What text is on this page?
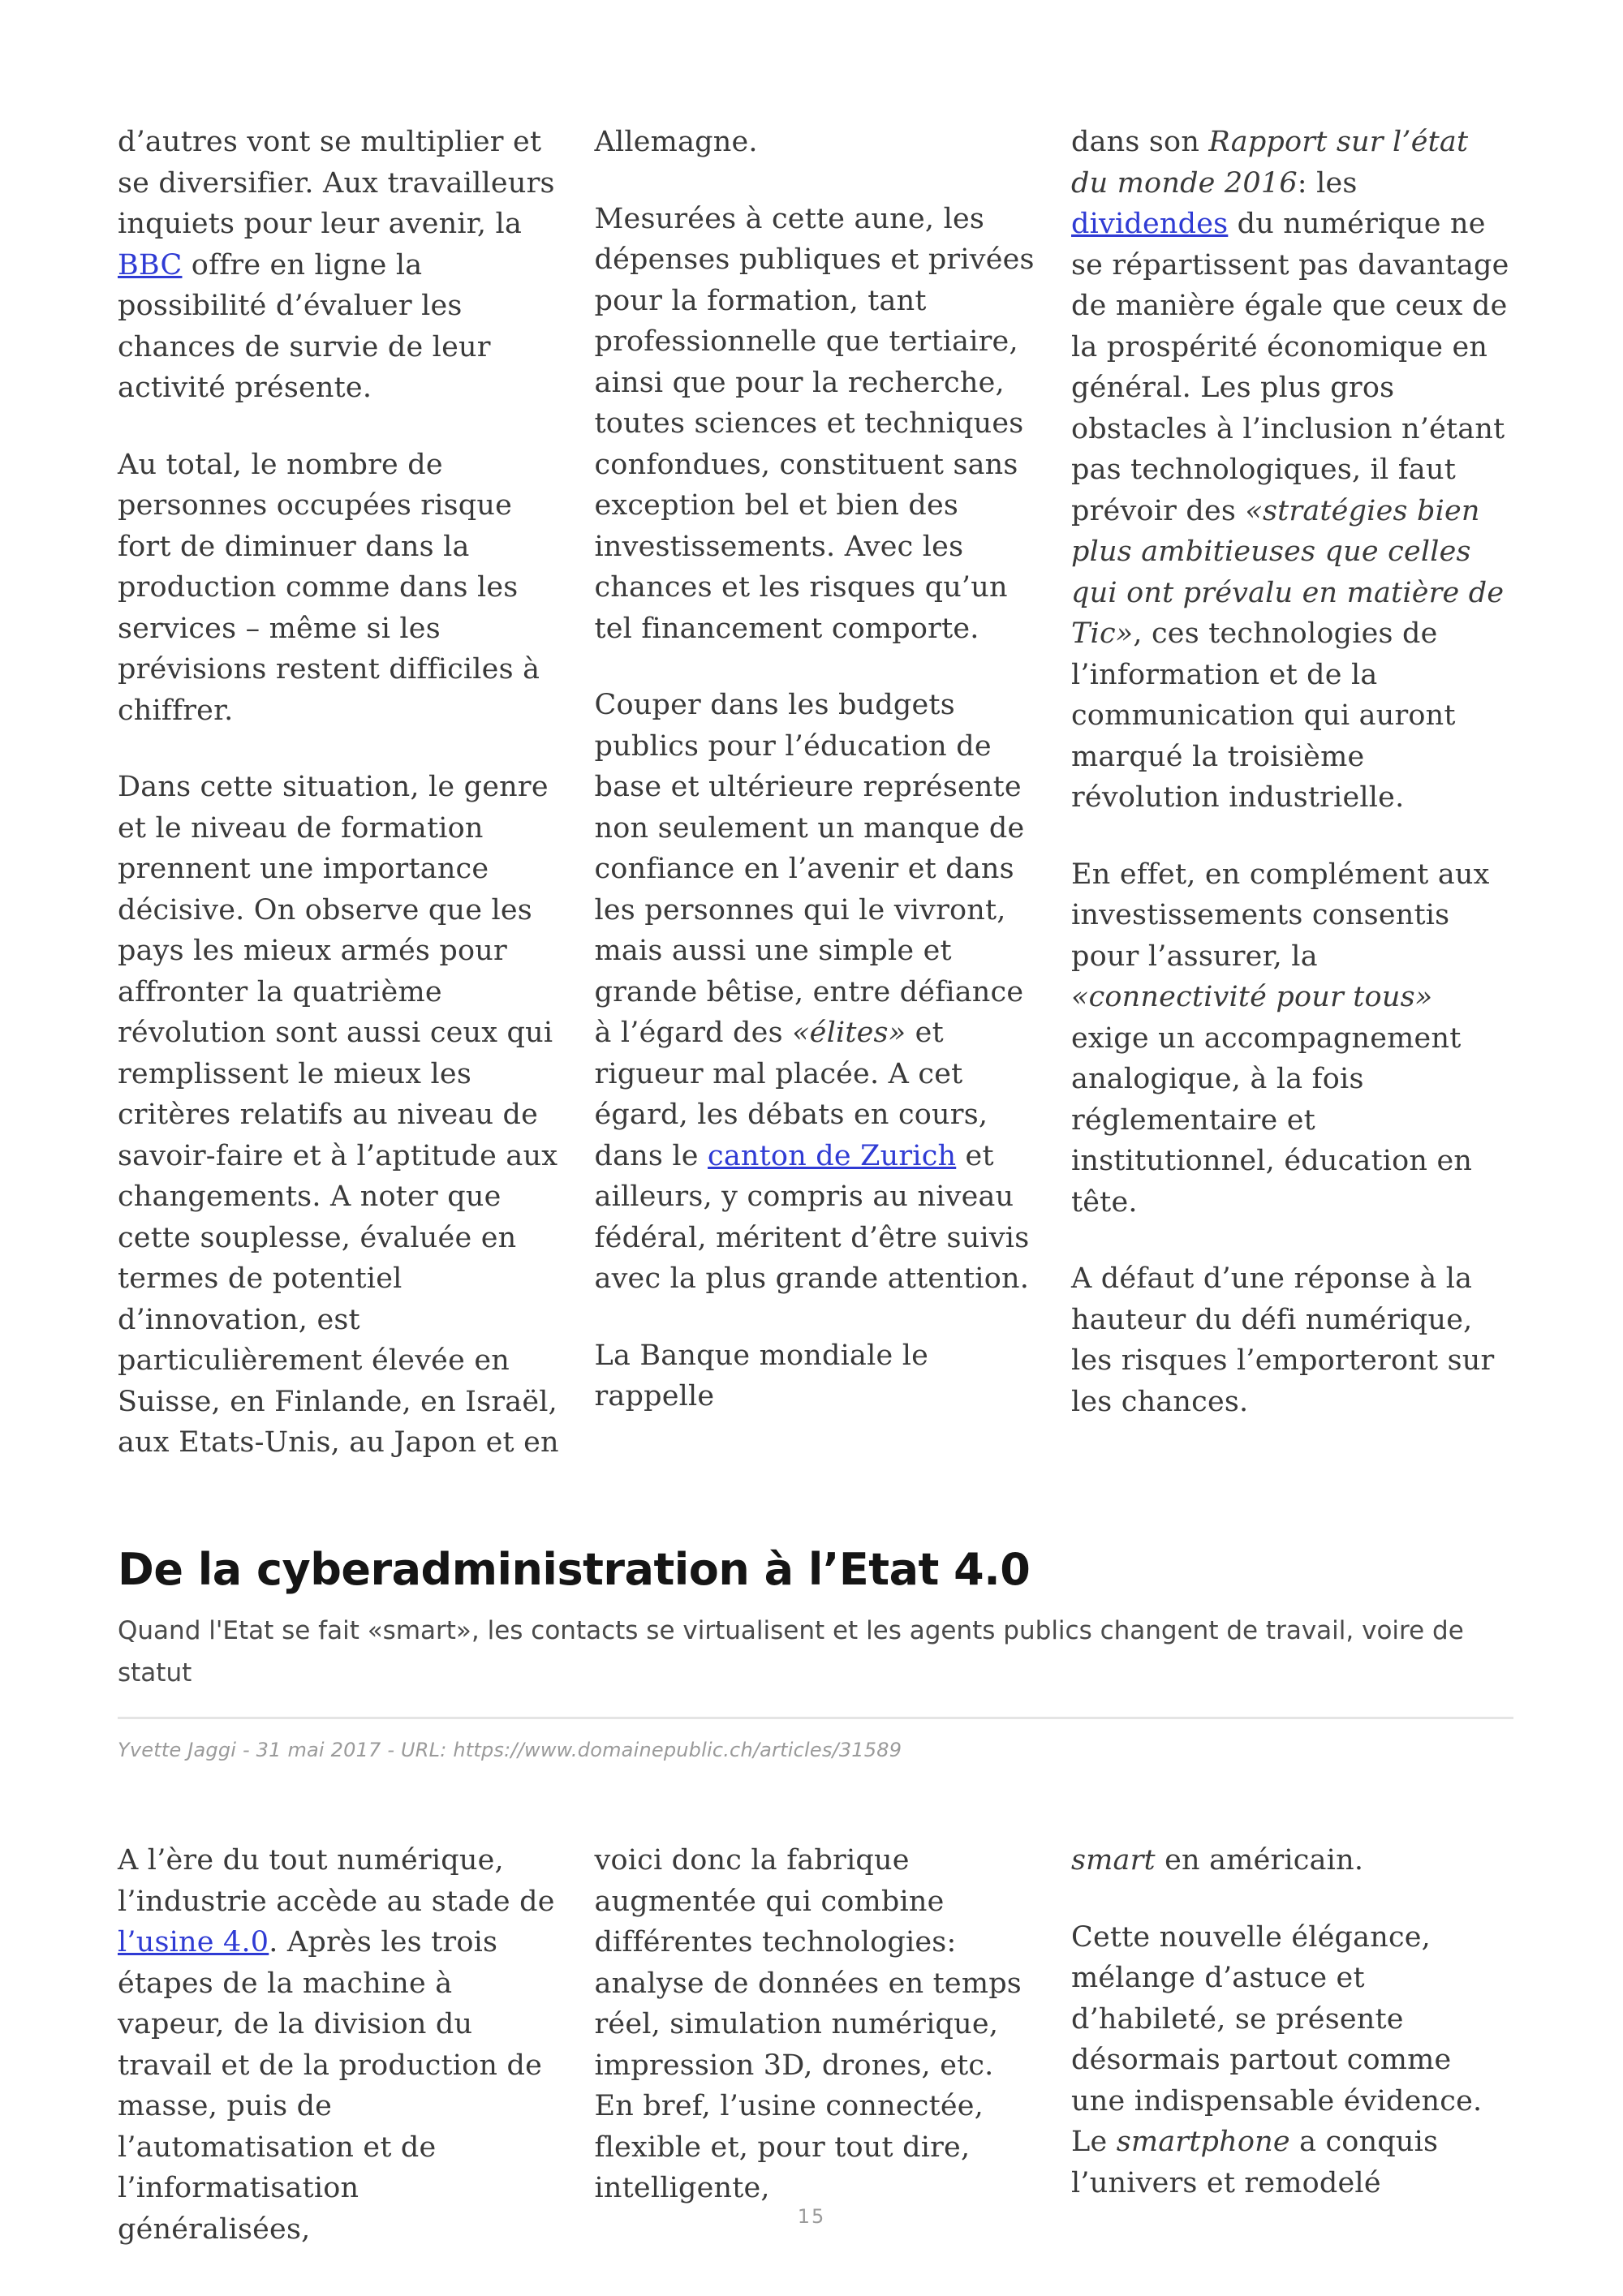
d’autres vont se multiplier et se diversifier. Aux travailleurs inquiets pour leur avenir, la BBC offre en ligne la possibilité d’évaluer les chances de survie de leur activité présente.

Au total, le nombre de personnes occupées risque fort de diminuer dans la production comme dans les services – même si les prévisions restent difficiles à chiffrer.

Dans cette situation, le genre et le niveau de formation prennent une importance décisive. On observe que les pays les mieux armés pour affronter la quatrième révolution sont aussi ceux qui remplissent le mieux les critères relatifs au niveau de savoir-faire et à l’aptitude aux changements. A noter que cette souplesse, évaluée en termes de potentiel d’innovation, est particulièrement élevée en Suisse, en Finlande, en Israël, aux Etats-Unis, au Japon et en

Allemagne.

Mesurées à cette aune, les dépenses publiques et privées pour la formation, tant professionnelle que tertiaire, ainsi que pour la recherche, toutes sciences et techniques confondues, constituent sans exception bel et bien des investissements. Avec les chances et les risques qu’un tel financement comporte.

Couper dans les budgets publics pour l’éducation de base et ultérieure représente non seulement un manque de confiance en l’avenir et dans les personnes qui le vivront, mais aussi une simple et grande bêtise, entre défiance à l’égard des «élites» et rigueur mal placée. A cet égard, les débats en cours, dans le canton de Zurich et ailleurs, y compris au niveau fédéral, méritent d’être suivis avec la plus grande attention.

La Banque mondiale le rappelle

dans son Rapport sur l’état du monde 2016: les dividendes du numérique ne se répartissent pas davantage de manière égale que ceux de la prospérité économique en général. Les plus gros obstacles à l’inclusion n’étant pas technologiques, il faut prévoir des «stratégies bien plus ambitieuses que celles qui ont prévalu en matière de Tic», ces technologies de l’information et de la communication qui auront marqué la troisième révolution industrielle.

En effet, en complément aux investissements consentis pour l’assurer, la «connectivité pour tous» exige un accompagnement analogique, à la fois réglementaire et institutionnel, éducation en tête.

A défaut d’une réponse à la hauteur du défi numérique, les risques l’emporteront sur les chances.

De la cyberadministration à l’Etat 4.0

Quand l'Etat se fait «smart», les contacts se virtualisent et les agents publics changent de travail, voire de statut

Yvette Jaggi - 31 mai 2017 - URL: https://www.domainepublic.ch/articles/31589

A l’ère du tout numérique, l’industrie accède au stade de l’usine 4.0. Après les trois étapes de la machine à vapeur, de la division du travail et de la production de masse, puis de l’automatisation et de l’informatisation généralisées,

voici donc la fabrique augmentée qui combine différentes technologies: analyse de données en temps réel, simulation numérique, impression 3D, drones, etc. En bref, l’usine connectée, flexible et, pour tout dire, intelligente,

smart en américain.

Cette nouvelle élégance, mélange d’astuce et d’habileté, se présente désormais partout comme une indispensable évidence. Le smartphone a conquis l’univers et remodelé

15
